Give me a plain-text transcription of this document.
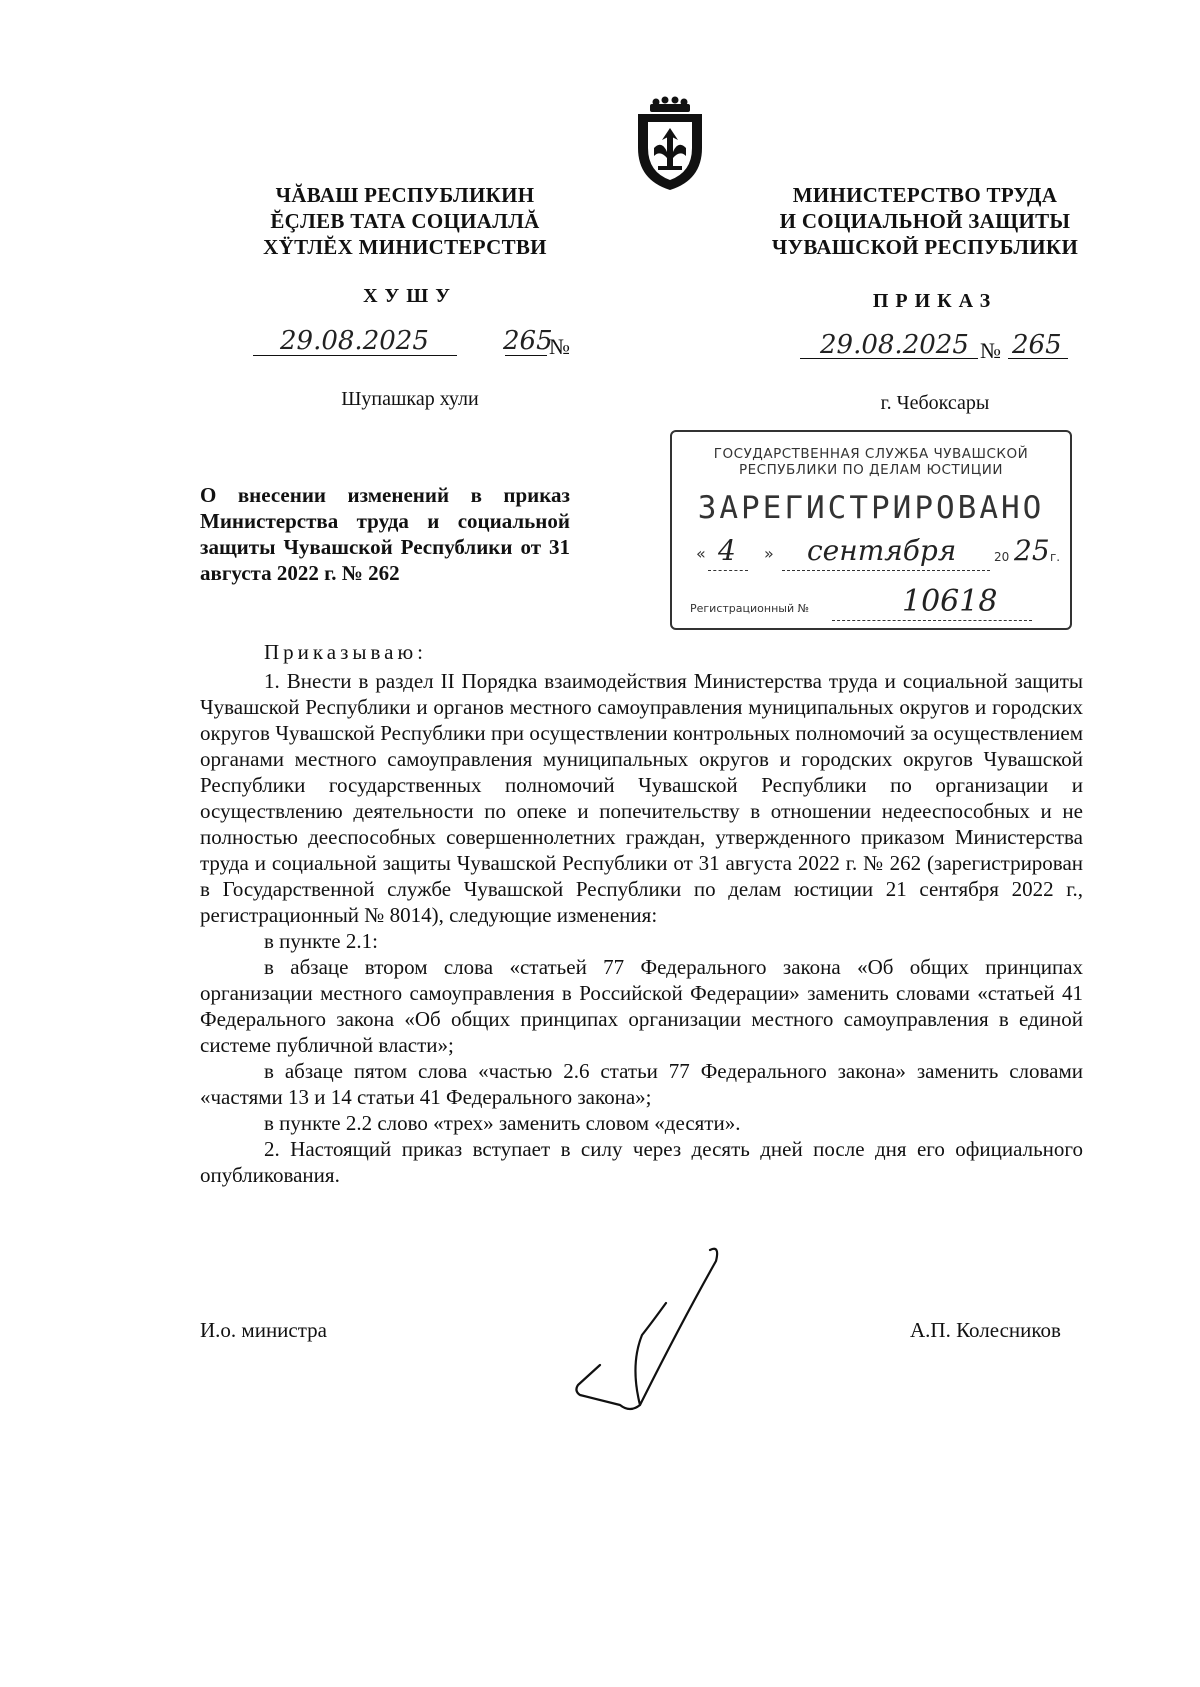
ЧĂВАШ РЕСПУБЛИКИН
ĔÇЛЕВ ТАТА СОЦИАЛЛĂ
ХŸТЛĔХ МИНИСТЕРСТВИ
МИНИСТЕРСТВО ТРУДА
И СОЦИАЛЬНОЙ ЗАЩИТЫ
ЧУВАШСКОЙ РЕСПУБЛИКИ
ХУШУ	ПРИКАЗ
29.08.2025	265
№	29.08.2025 № 265
Шупашкар хули	г. Чебоксары
ГОСУДАРСТВЕННАЯ СЛУЖБА ЧУВАШСКОЙ
РЕСПУБЛИКИ ПО ДЕЛАМ ЮСТИЦИИ
ЗАРЕГИСТРИРОВАНО
« 4 » сентября	20 25 г.
Регистрационный №	10618
О внесении изменений в приказ Министерства труда и социальной защиты Чувашской Республики от 31 августа 2022 г. № 262
Приказываю:

1. Внести в раздел II Порядка взаимодействия Министерства труда и социальной защиты Чувашской Республики и органов местного самоуправления муниципальных округов и городских округов Чувашской Республики при осуществлении контрольных полномочий за осуществлением органами местного самоуправления муниципальных округов и городских округов Чувашской Республики государственных полномочий Чувашской Республики по организации и осуществлению деятельности по опеке и попечительству в отношении недееспособных и не полностью дееспособных совершеннолетних граждан, утвержденного приказом Министерства труда и социальной защиты Чувашской Республики от 31 августа 2022 г. № 262 (зарегистрирован в Государственной службе Чувашской Республики по делам юстиции 21 сентября 2022 г., регистрационный № 8014), следующие изменения:

в пункте 2.1:

в абзаце втором слова «статьей 77 Федерального закона «Об общих принципах организации местного самоуправления в Российской Федерации» заменить словами «статьей 41 Федерального закона «Об общих принципах организации местного самоуправления в единой системе публичной власти»;

в абзаце пятом слова «частью 2.6 статьи 77 Федерального закона» заменить словами «частями 13 и 14 статьи 41 Федерального закона»;

в пункте 2.2 слово «трех» заменить словом «десяти».

2. Настоящий приказ вступает в силу через десять дней после дня его официального опубликования.

И.о. министра	А.П. Колесников
